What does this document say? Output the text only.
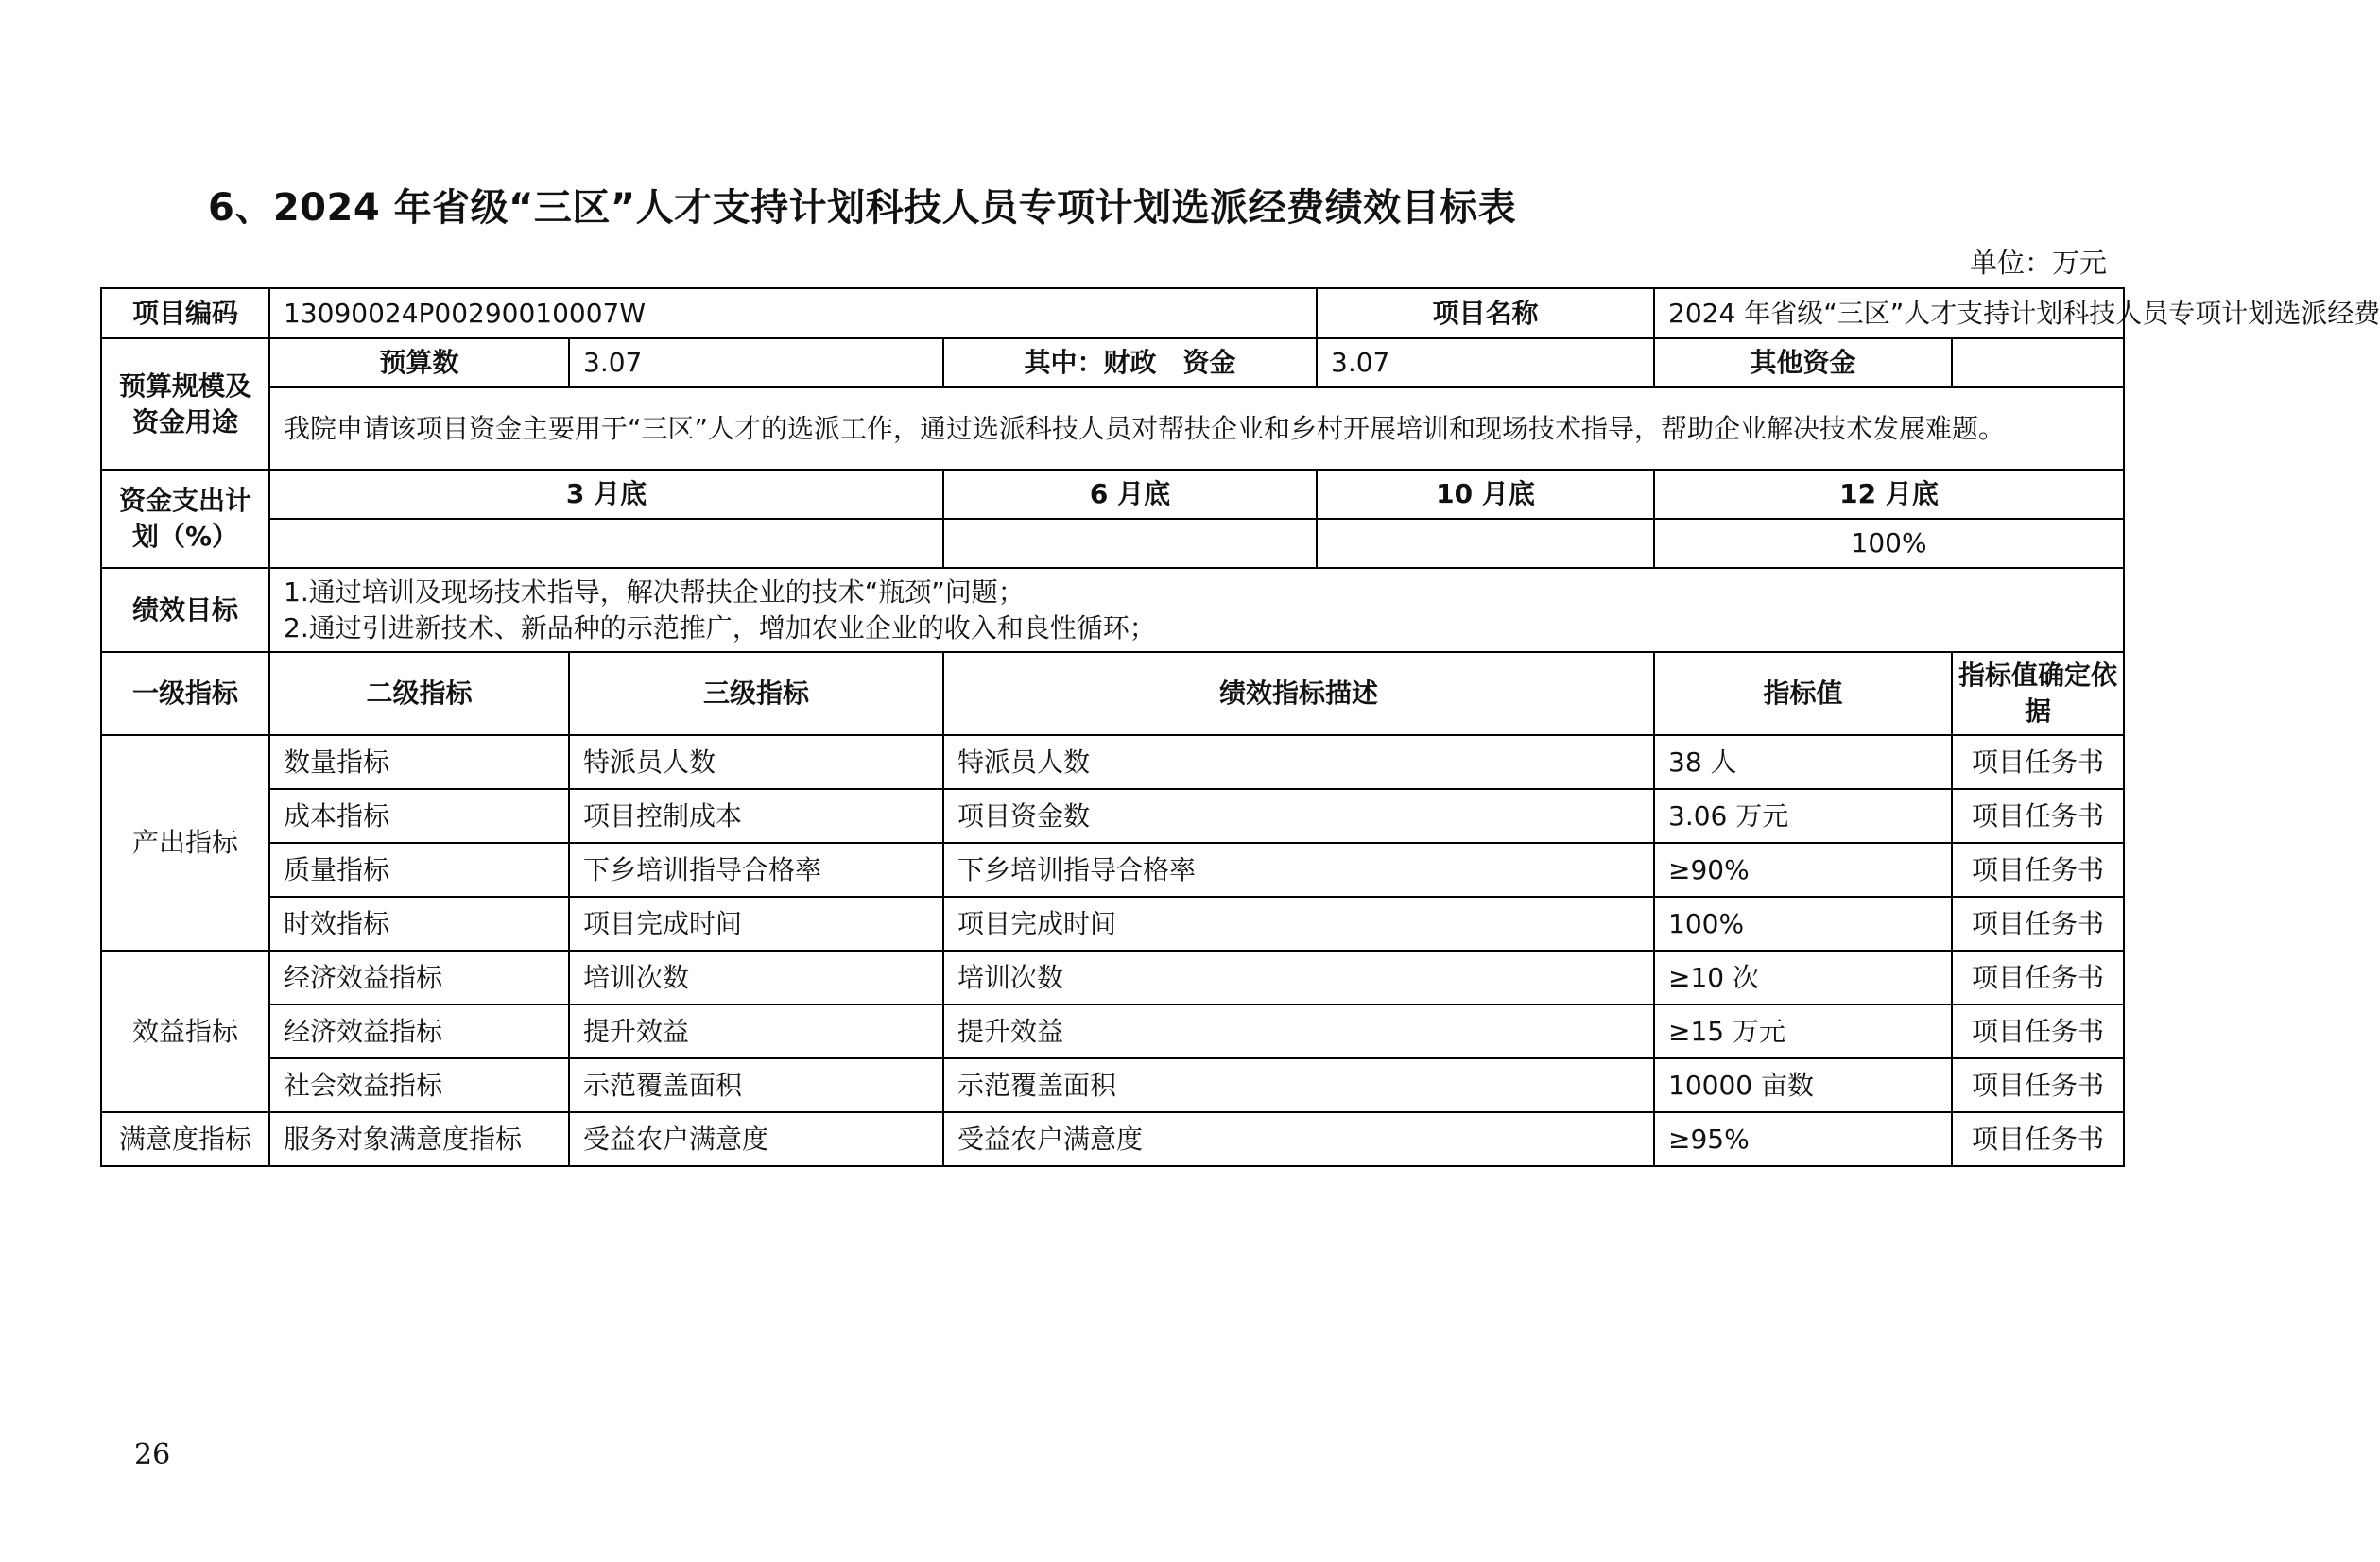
6、2024 年省级“三区”人才支持计划科技人员专项计划选派经费绩效目标表
单位：万元
项目编码	13090024P00290010007W			项目名称	2024 年省级“三区”人才支持计划科技人员专项计划选派经费	
预算规模及资金用途	预算数	3.07	其中：财政　资金	3.07	其他资金	
	我院申请该项目资金主要用于“三区”人才的选派工作，通过选派科技人员对帮扶企业和乡村开展培训和现场技术指导，帮助企业解决技术发展难题。					
资金支出计划（%）	3 月底		6 月底	10 月底	12 月底	
					100%	
绩效目标	1.通过培训及现场技术指导，解决帮扶企业的技术“瓶颈”问题；
2.通过引进新技术、新品种的示范推广，增加农业企业的收入和良性循环；					

一级指标	二级指标	三级指标	绩效指标描述		指标值	指标值确定依据
产出指标	数量指标	特派员人数	特派员人数		38 人	项目任务书
	成本指标	项目控制成本	项目资金数		3.06 万元	项目任务书
	质量指标	下乡培训指导合格率	下乡培训指导合格率		≥90%	项目任务书
	时效指标	项目完成时间	项目完成时间		100%	项目任务书
效益指标	经济效益指标	培训次数	培训次数		≥10 次	项目任务书
	经济效益指标	提升效益	提升效益		≥15 万元	项目任务书
	社会效益指标	示范覆盖面积	示范覆盖面积		10000 亩数	项目任务书
满意度指标	服务对象满意度指标	受益农户满意度	受益农户满意度		≥95%	项目任务书
26
